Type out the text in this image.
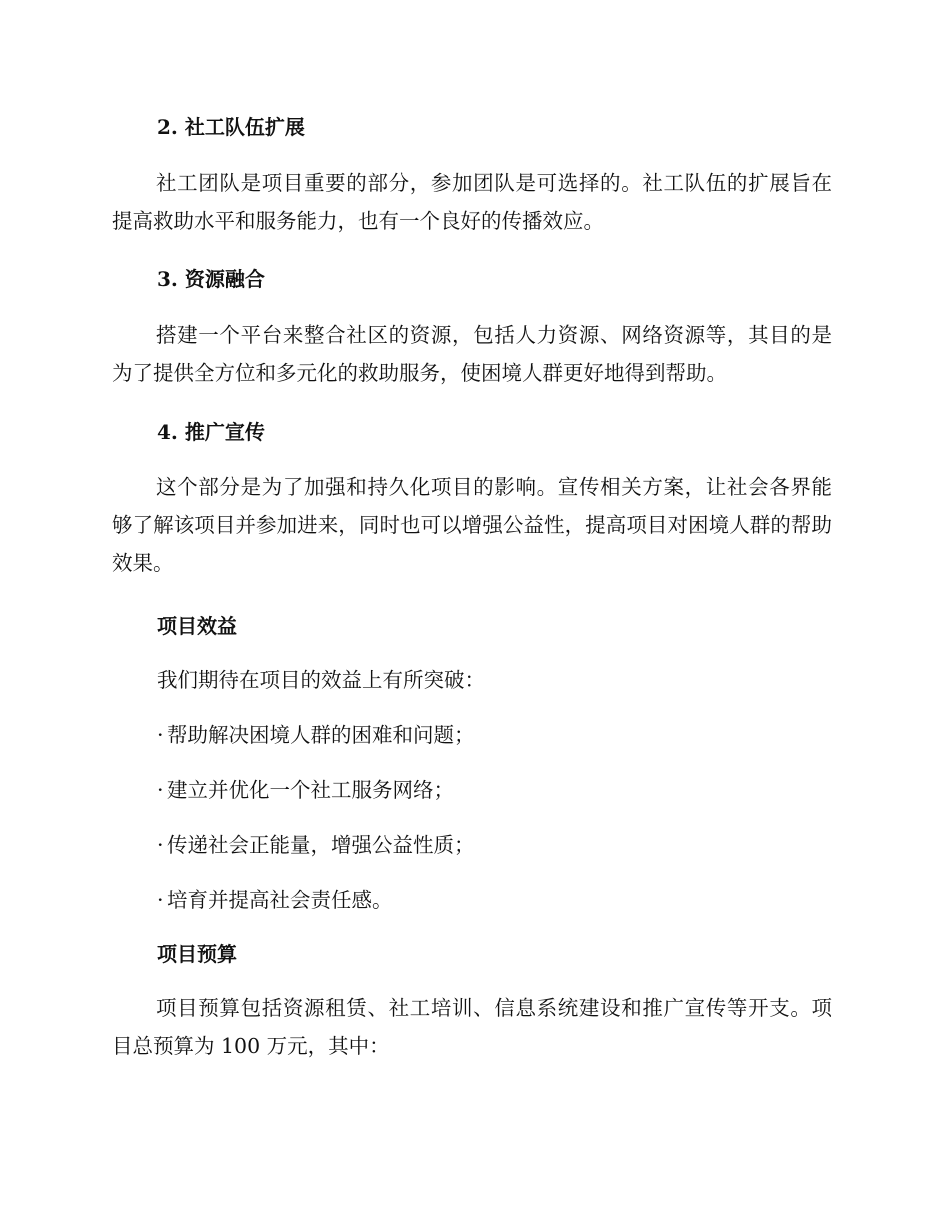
2. 社工队伍扩展

社工团队是项目重要的部分，参加团队是可选择的。社工队伍的扩展旨在提高救助水平和服务能力，也有一个良好的传播效应。

3. 资源融合

搭建一个平台来整合社区的资源，包括人力资源、网络资源等，其目的是为了提供全方位和多元化的救助服务，使困境人群更好地得到帮助。

4. 推广宣传

这个部分是为了加强和持久化项目的影响。宣传相关方案，让社会各界能够了解该项目并参加进来，同时也可以增强公益性，提高项目对困境人群的帮助效果。

项目效益
我们期待在项目的效益上有所突破：
· 帮助解决困境人群的困难和问题；
· 建立并优化一个社工服务网络；
· 传递社会正能量，增强公益性质；
· 培育并提高社会责任感。
项目预算

项目预算包括资源租赁、社工培训、信息系统建设和推广宣传等开支。项目总预算为 100 万元，其中：
